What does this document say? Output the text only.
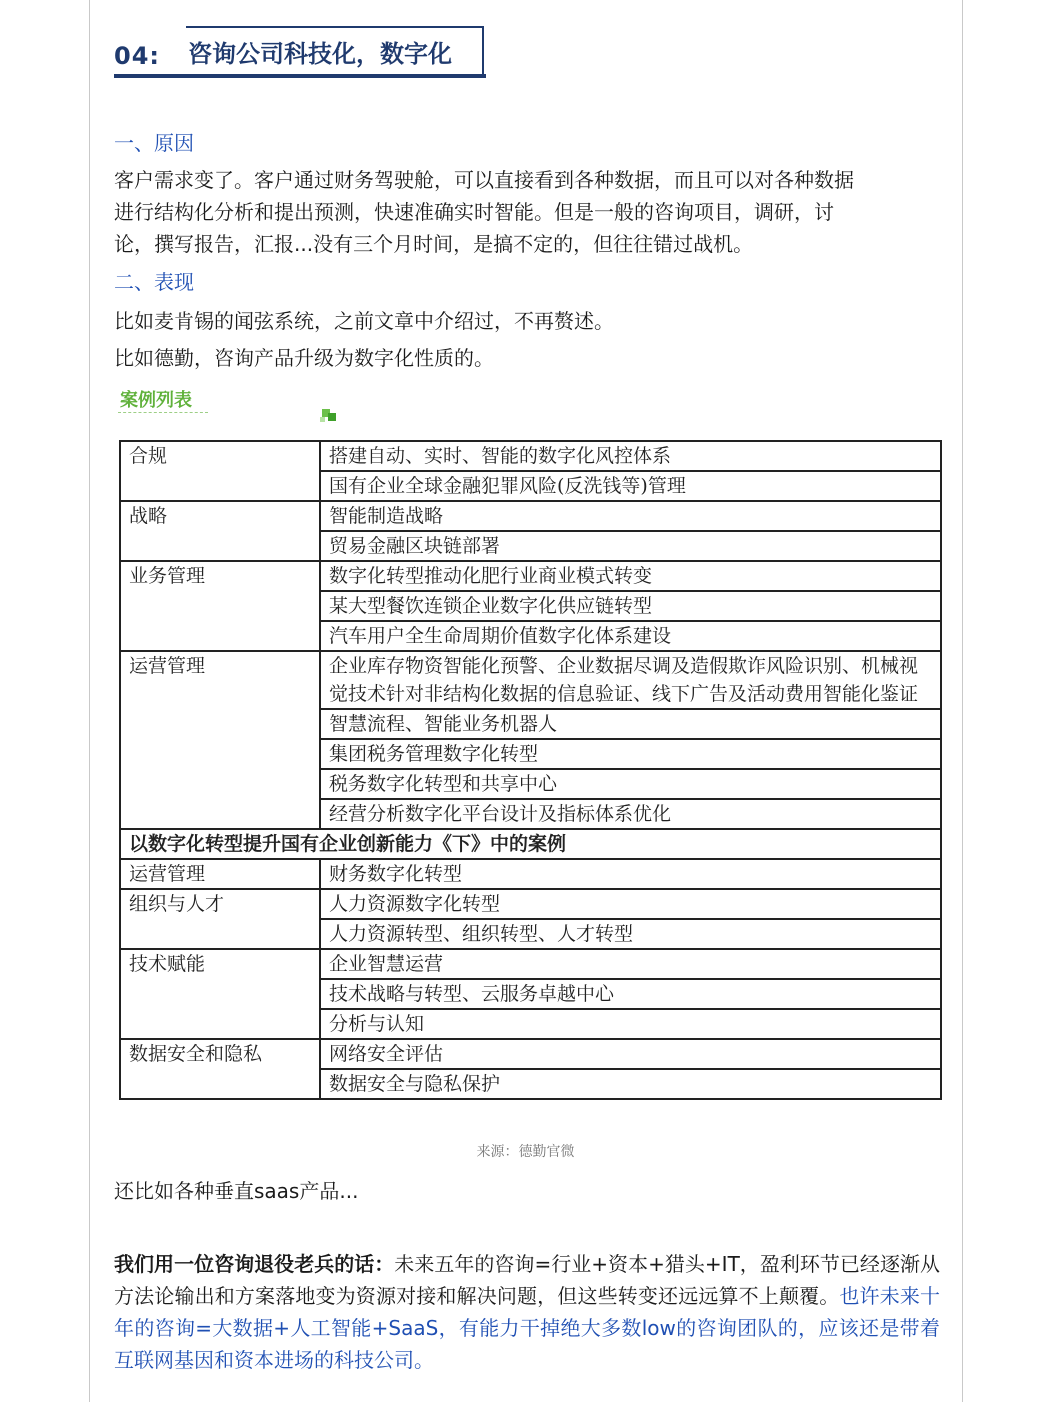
04: 咨询公司科技化，数字化
一、原因
客户需求变了。客户通过财务驾驶舱，可以直接看到各种数据，而且可以对各种数据
进行结构化分析和提出预测，快速准确实时智能。但是一般的咨询项目，调研，讨
论，撰写报告，汇报...没有三个月时间，是搞不定的，但往往错过战机。
二、表现
比如麦肯锡的闻弦系统，之前文章中介绍过，不再赘述。
比如德勤，咨询产品升级为数字化性质的。
案例列表
合规	搭建自动、实时、智能的数字化风控体系
	国有企业全球金融犯罪风险(反洗钱等)管理
战略	智能制造战略
	贸易金融区块链部署
业务管理	数字化转型推动化肥行业商业模式转变
	某大型餐饮连锁企业数字化供应链转型
	汽车用户全生命周期价值数字化体系建设
运营管理	企业库存物资智能化预警、企业数据尽调及造假欺诈风险识别、机械视觉技术针对非结构化数据的信息验证、线下广告及活动费用智能化鉴证
	智慧流程、智能业务机器人
	集团税务管理数字化转型
	税务数字化转型和共享中心
	经营分析数字化平台设计及指标体系优化
以数字化转型提升国有企业创新能力《下》中的案例	
运营管理	财务数字化转型
组织与人才	人力资源数字化转型
	人力资源转型、组织转型、人才转型
技术赋能	企业智慧运营
	技术战略与转型、云服务卓越中心
	分析与认知
数据安全和隐私	网络安全评估
	数据安全与隐私保护
来源：德勤官微
还比如各种垂直saas产品...
我们用一位咨询退役老兵的话：未来五年的咨询=行业+资本+猎头+IT，盈利环节已经逐渐从方法论输出和方案落地变为资源对接和解决问题，但这些转变还远远算不上颠覆。也许未来十年的咨询=大数据+人工智能+SaaS，有能力干掉绝大多数low的咨询团队的，应该还是带着互联网基因和资本进场的科技公司。
